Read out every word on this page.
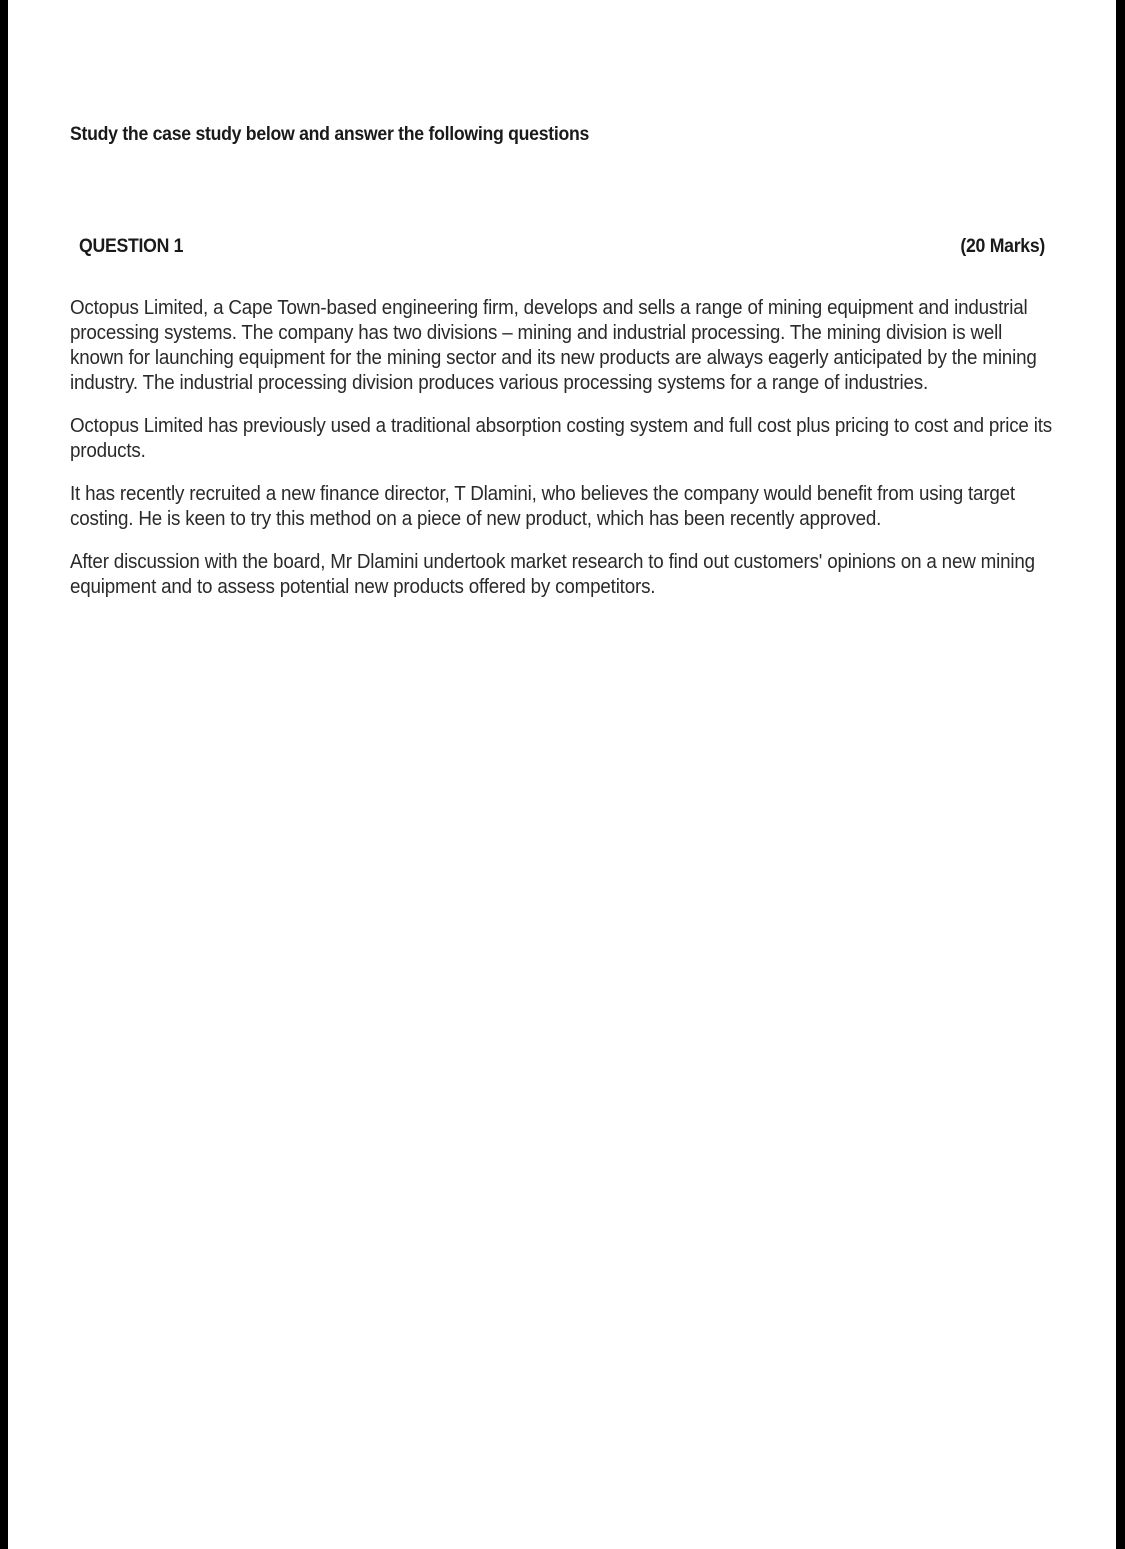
Study the case study below and answer the following questions

QUESTION 1	(20 Marks)

Octopus Limited, a Cape Town-based engineering firm, develops and sells a range of mining equipment and industrial processing systems. The company has two divisions – mining and industrial processing. The mining division is well known for launching equipment for the mining sector and its new products are always eagerly anticipated by the mining industry. The industrial processing division produces various processing systems for a range of industries.

Octopus Limited has previously used a traditional absorption costing system and full cost plus pricing to cost and price its products.

It has recently recruited a new finance director, T Dlamini, who believes the company would benefit from using target costing. He is keen to try this method on a piece of new product, which has been recently approved.

After discussion with the board, Mr Dlamini undertook market research to find out customers' opinions on a new mining equipment and to assess potential new products offered by competitors.
